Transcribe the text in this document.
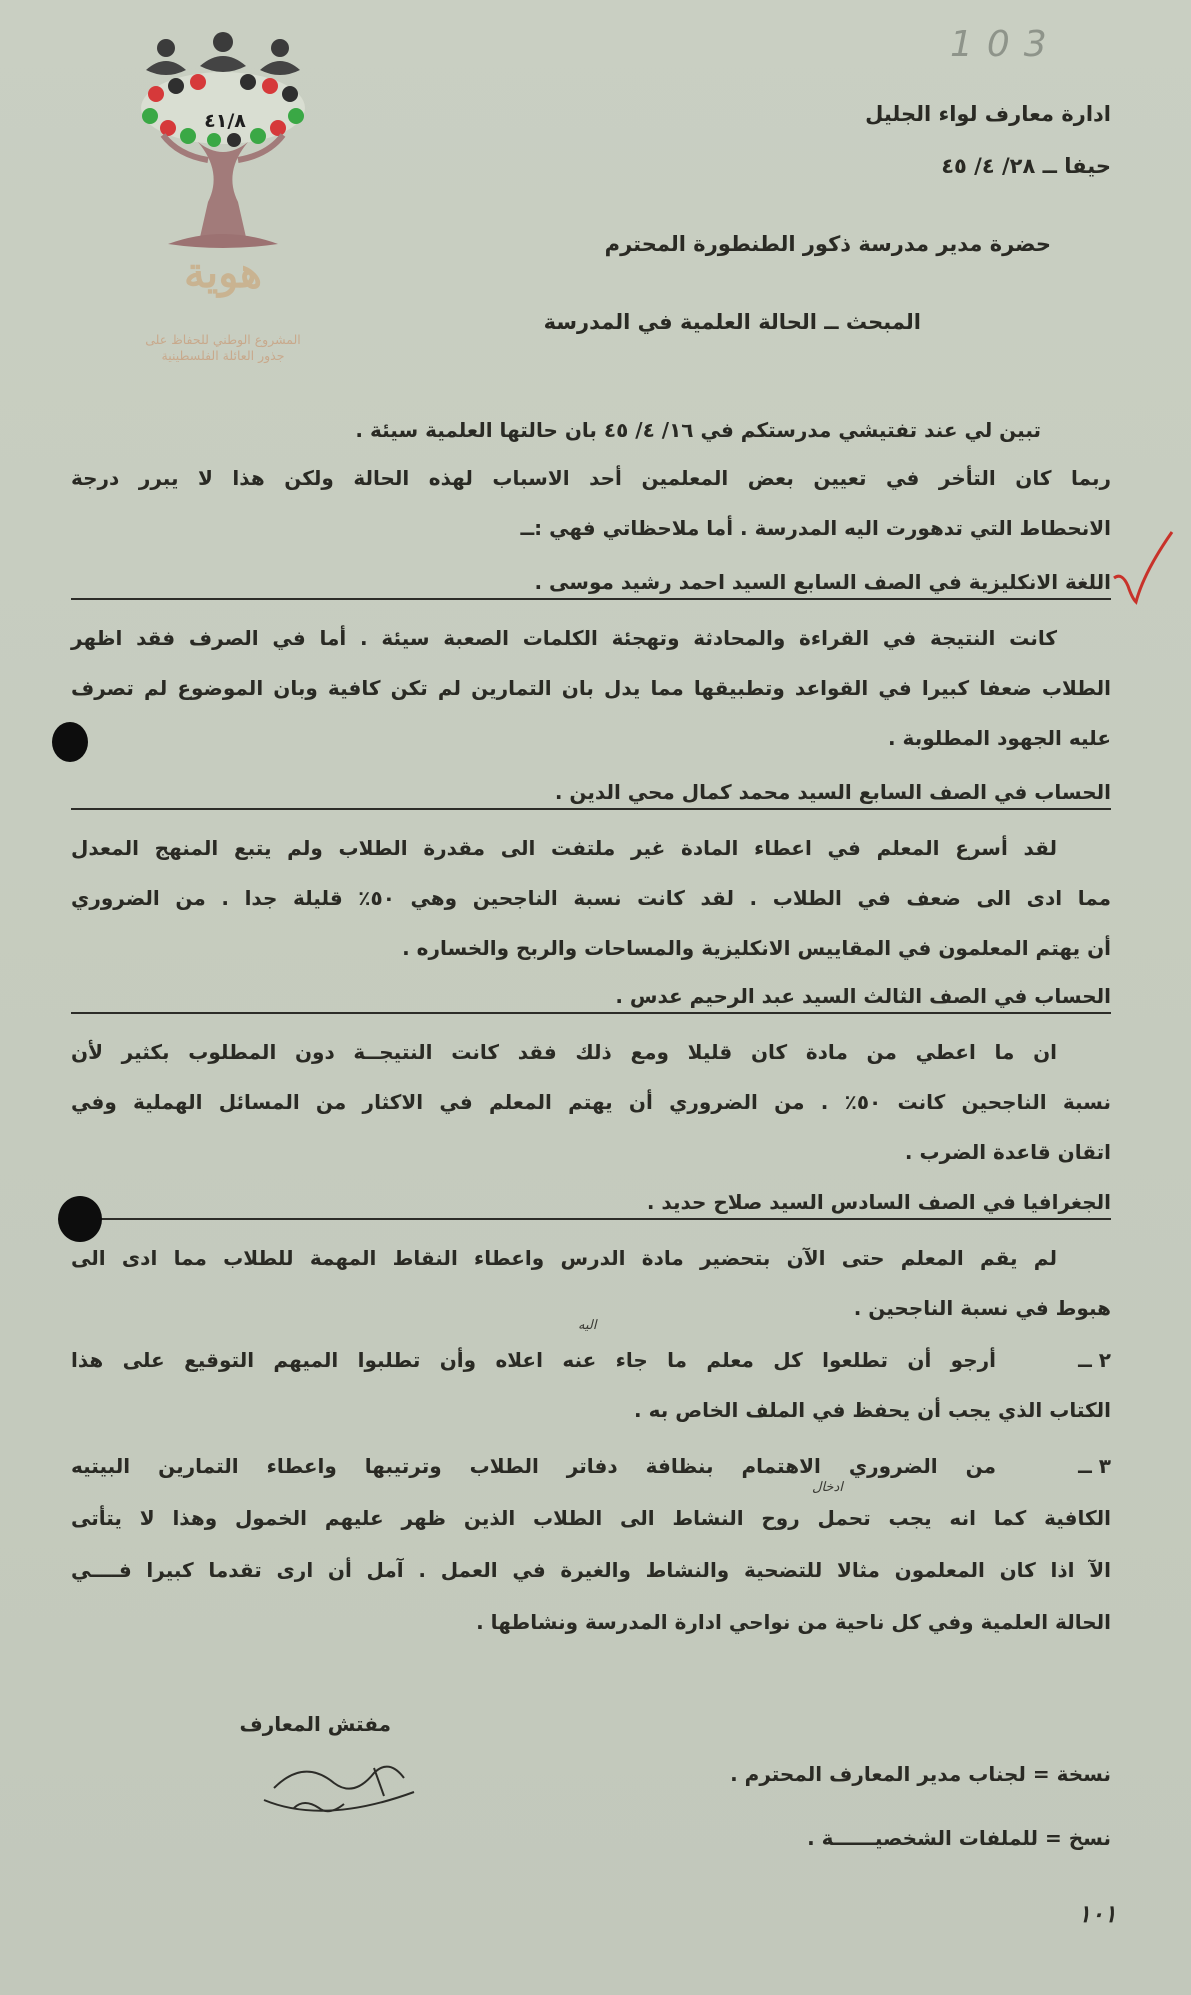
103
٤١/٨
هوية
المشروع الوطني للحفاظ على
جذور العائلة الفلسطينية
ادارة معارف لواء الجليل
حيفا ــ ٢٨/ ٤/ ٤٥
حضرة مدير مدرسة ذكور الطنطورة المحترم
المبحث ــ الحالة العلمية في المدرسة
تبين لي عند تفتيشي مدرستكم في ١٦/ ٤/ ٤٥ بان حالتها العلمية سيئة .
ربما كان التأخر في تعيين بعض المعلمين أحد الاسباب لهذه الحالة ولكن هذا لا يبرر درجة
الانحطاط التي تدهورت اليه المدرسة . أما ملاحظاتي فهي :ــ
اللغة الانكليزية في الصف السابع السيد احمد رشيد موسى .
كانت النتيجة في القراءة والمحادثة وتهجئة الكلمات الصعبة سيئة . أما في الصرف فقد اظهر
الطلاب ضعفا كبيرا في القواعد وتطبيقها مما يدل بان التمارين لم تكن كافية وبان الموضوع لم تصرف
عليه الجهود المطلوبة .
الحساب في الصف السابع السيد محمد كمال محي الدين .
لقد أسرع المعلم في اعطاء المادة غير ملتفت الى مقدرة الطلاب ولم يتبع المنهج المعدل
مما ادى الى ضعف في الطلاب . لقد كانت نسبة الناجحين وهي ٥٠٪ قليلة جدا . من الضروري
أن يهتم المعلمون في المقاييس الانكليزية والمساحات والربح والخساره .
الحساب في الصف الثالث السيد عبد الرحيم عدس .
ان ما اعطي من مادة كان قليلا ومع ذلك فقد كانت النتيجــة دون المطلوب بكثير لأن
نسبة الناجحين كانت ٥٠٪ . من الضروري أن يهتم المعلم في الاكثار من المسائل الهملية وفي
اتقان قاعدة الضرب .
الجغرافيا في الصف السادس السيد صلاح حديد .
لم يقم المعلم حتى الآن بتحضير مادة الدرس واعطاء النقاط المهمة للطلاب مما ادى الى
هبوط في نسبة الناجحين .
٢ ــ
اليه
أرجو أن تطلعوا كل معلم ما جاء عنه اعلاه وأن تطلبوا الميهم التوقيع على هذا
الكتاب الذي يجب أن يحفظ في الملف الخاص به .
٣ ــ
ادخال
من الضروري الاهتمام بنظافة دفاتر الطلاب وترتيبها واعطاء التمارين البيتيه
الكافية كما انه يجب تحمل روح النشاط الى الطلاب الذين ظهر عليهم الخمول وهذا لا يتأتى
الآ اذا كان المعلمون مثالا للتضحية والنشاط والغيرة في العمل . آمل أن ارى تقدما كبيرا فــــي
الحالة العلمية وفي كل ناحية من نواحي ادارة المدرسة ونشاطها .
مفتش المعارف
نسخة = لجناب مدير المعارف المحترم .
نسخ = للملفات الشخصيــــــة .
١٠١
